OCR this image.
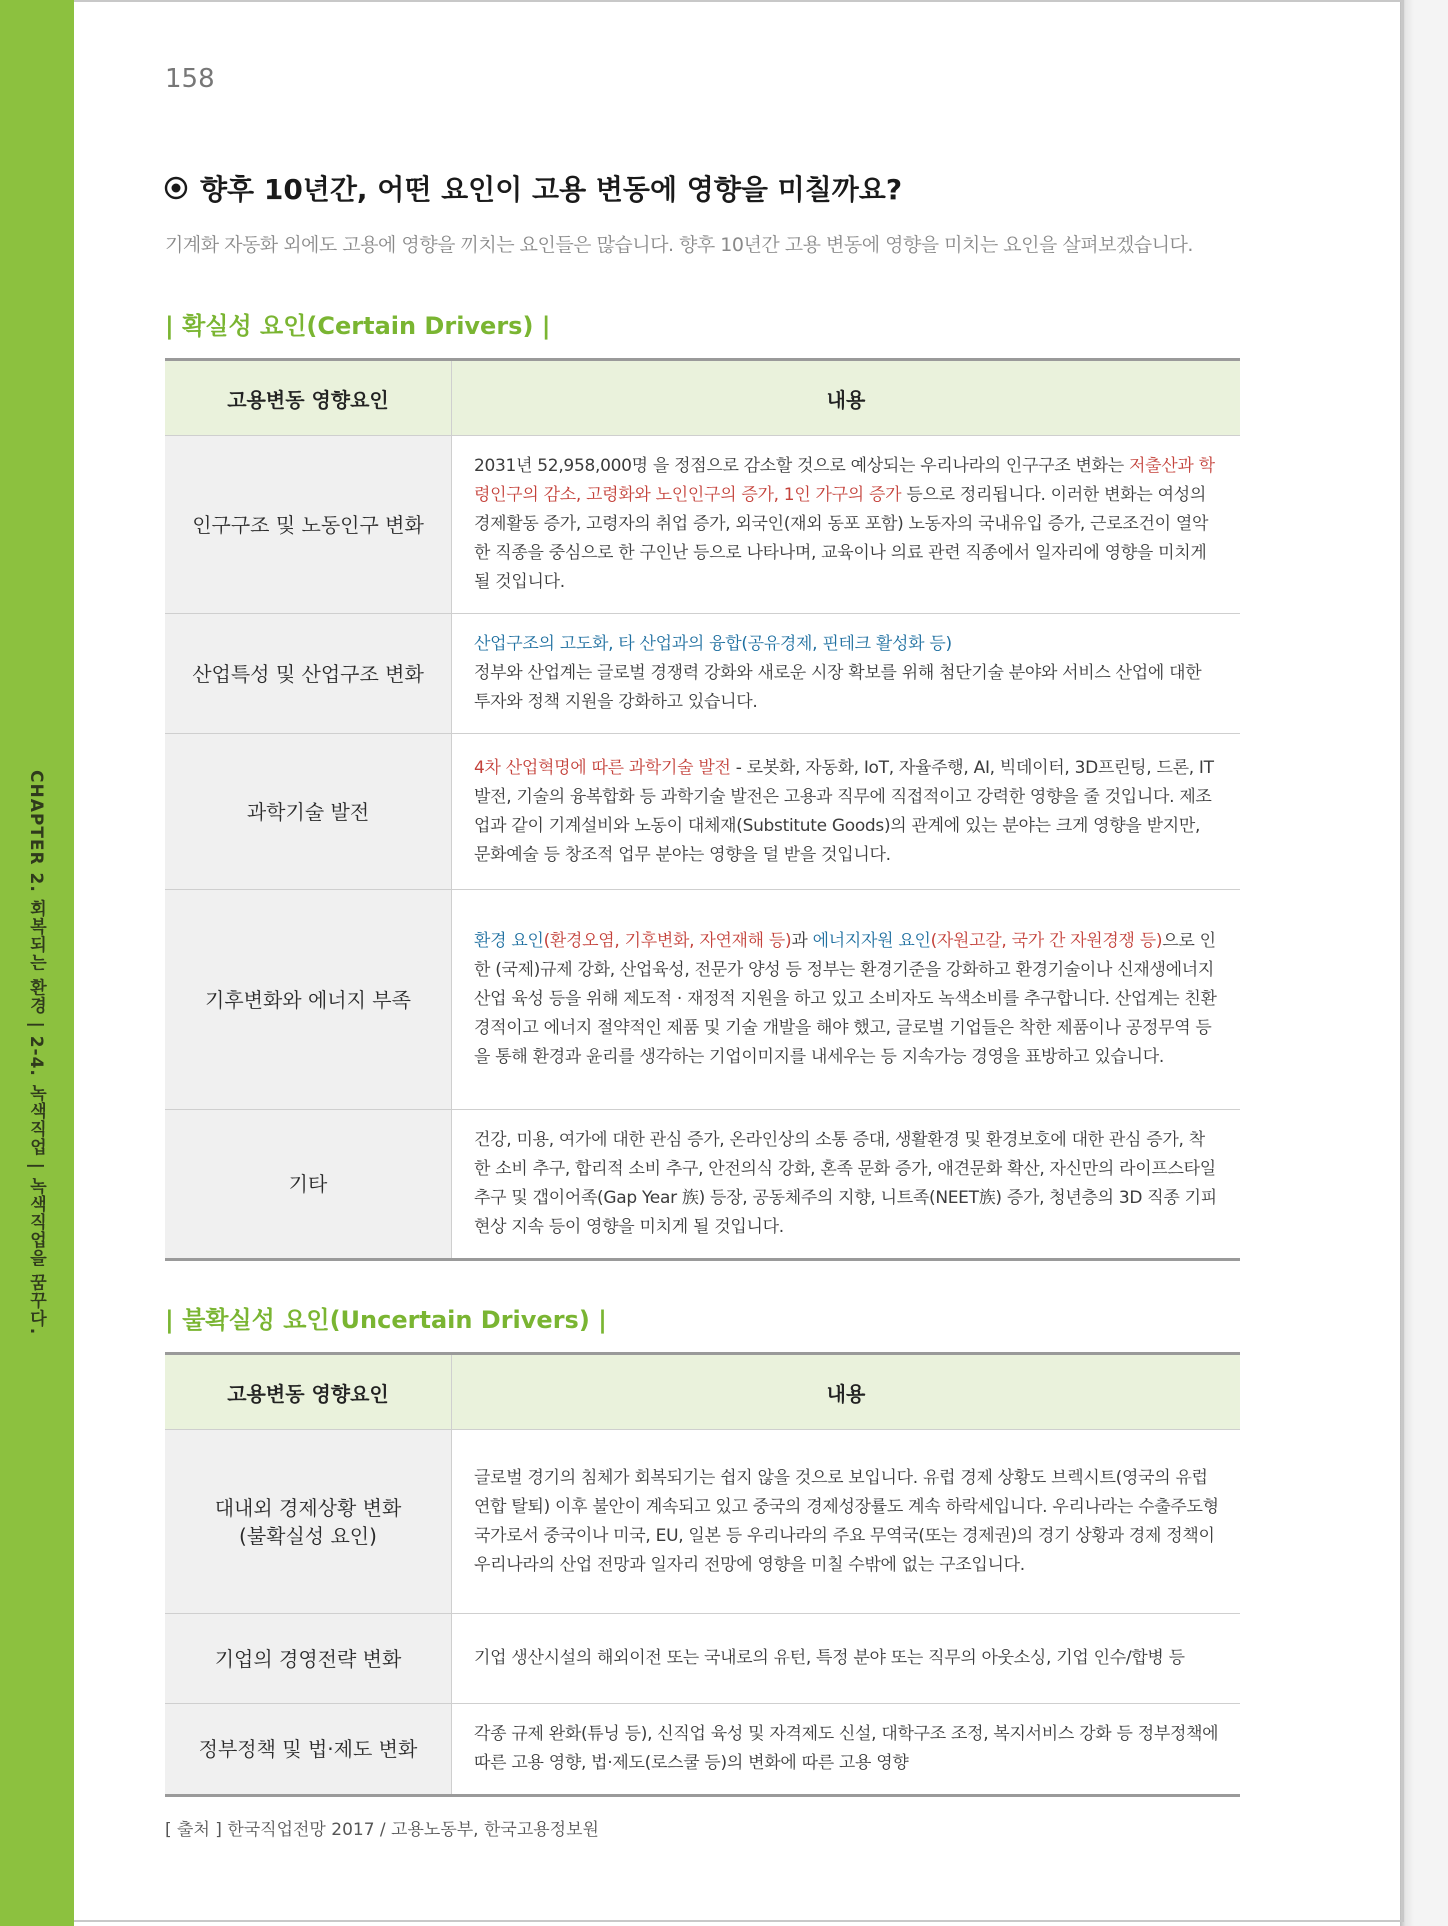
CHAPTER 2. 회복되는 환경 | 2-4. 녹색직업 | 녹색직업을 꿈꾸다.
158
향후 10년간, 어떤 요인이 고용 변동에 영향을 미칠까요?
기계화 자동화 외에도 고용에 영향을 끼치는 요인들은 많습니다. 향후 10년간 고용 변동에 영향을 미치는 요인을 살펴보겠습니다.
| 확실성 요인(Certain Drivers) |
고용변동 영향요인	내용
인구구조 및 노동인구 변화	2031년 52,958,000명 을 정점으로 감소할 것으로 예상되는 우리나라의 인구구조 변화는 저출산과 학령인구의 감소, 고령화와 노인인구의 증가, 1인 가구의 증가 등으로 정리됩니다. 이러한 변화는 여성의 경제활동 증가, 고령자의 취업 증가, 외국인(재외 동포 포함) 노동자의 국내유입 증가, 근로조건이 열악한 직종을 중심으로 한 구인난 등으로 나타나며, 교육이나 의료 관련 직종에서 일자리에 영향을 미치게 될 것입니다.
산업특성 및 산업구조 변화	산업구조의 고도화, 타 산업과의 융합(공유경제, 핀테크 활성화 등)
정부와 산업계는 글로벌 경쟁력 강화와 새로운 시장 확보를 위해 첨단기술 분야와 서비스 산업에 대한 투자와 정책 지원을 강화하고 있습니다.
과학기술 발전	4차 산업혁명에 따른 과학기술 발전 - 로봇화, 자동화, IoT, 자율주행, AI, 빅데이터, 3D프린팅, 드론, IT 발전, 기술의 융복합화 등 과학기술 발전은 고용과 직무에 직접적이고 강력한 영향을 줄 것입니다. 제조업과 같이 기계설비와 노동이 대체재(Substitute Goods)의 관계에 있는 분야는 크게 영향을 받지만, 문화예술 등 창조적 업무 분야는 영향을 덜 받을 것입니다.
기후변화와 에너지 부족	환경 요인(환경오염, 기후변화, 자연재해 등)과 에너지자원 요인(자원고갈, 국가 간 자원경쟁 등)으로 인한 (국제)규제 강화, 산업육성, 전문가 양성 등 정부는 환경기준을 강화하고 환경기술이나 신재생에너지 산업 육성 등을 위해 제도적 · 재정적 지원을 하고 있고 소비자도 녹색소비를 추구합니다. 산업계는 친환경적이고 에너지 절약적인 제품 및 기술 개발을 해야 했고, 글로벌 기업들은 착한 제품이나 공정무역 등을 통해 환경과 윤리를 생각하는 기업이미지를 내세우는 등 지속가능 경영을 표방하고 있습니다.
기타	건강, 미용, 여가에 대한 관심 증가, 온라인상의 소통 증대, 생활환경 및 환경보호에 대한 관심 증가, 착한 소비 추구, 합리적 소비 추구, 안전의식 강화, 혼족 문화 증가, 애견문화 확산, 자신만의 라이프스타일 추구 및 갭이어족(Gap Year 族) 등장, 공동체주의 지향, 니트족(NEET族) 증가, 청년층의 3D 직종 기피 현상 지속 등이 영향을 미치게 될 것입니다.
| 불확실성 요인(Uncertain Drivers) |
고용변동 영향요인	내용
대내외 경제상황 변화
(불확실성 요인)	글로벌 경기의 침체가 회복되기는 쉽지 않을 것으로 보입니다. 유럽 경제 상황도 브렉시트(영국의 유럽연합 탈퇴) 이후 불안이 계속되고 있고 중국의 경제성장률도 계속 하락세입니다. 우리나라는 수출주도형 국가로서 중국이나 미국, EU, 일본 등 우리나라의 주요 무역국(또는 경제권)의 경기 상황과 경제 정책이 우리나라의 산업 전망과 일자리 전망에 영향을 미칠 수밖에 없는 구조입니다.
기업의 경영전략 변화	기업 생산시설의 해외이전 또는 국내로의 유턴, 특정 분야 또는 직무의 아웃소싱, 기업 인수/합병 등
정부정책 및 법·제도 변화	각종 규제 완화(튜닝 등), 신직업 육성 및 자격제도 신설, 대학구조 조정, 복지서비스 강화 등 정부정책에 따른 고용 영향, 법·제도(로스쿨 등)의 변화에 따른 고용 영향
[ 출처 ] 한국직업전망 2017 / 고용노동부, 한국고용정보원
